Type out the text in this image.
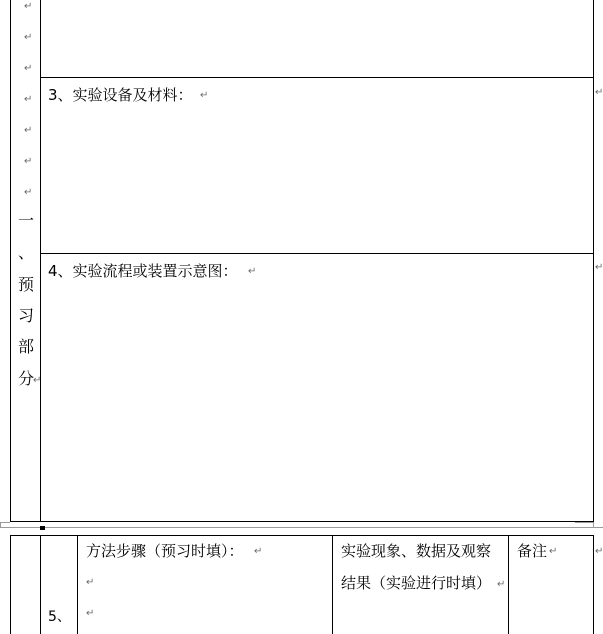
↵
↵
↵
↵
↵
↵
↵
一
、
预
习
部
分 ↵
3、实验设备及材料： ↵
4、实验流程或装置示意图： ↵
↵
↵
方法步骤（预习时填）： ↵
↵
↵
实验现象、数据及观察
结果（实验进行时填） ↵
备注 ↵
5、
↵
